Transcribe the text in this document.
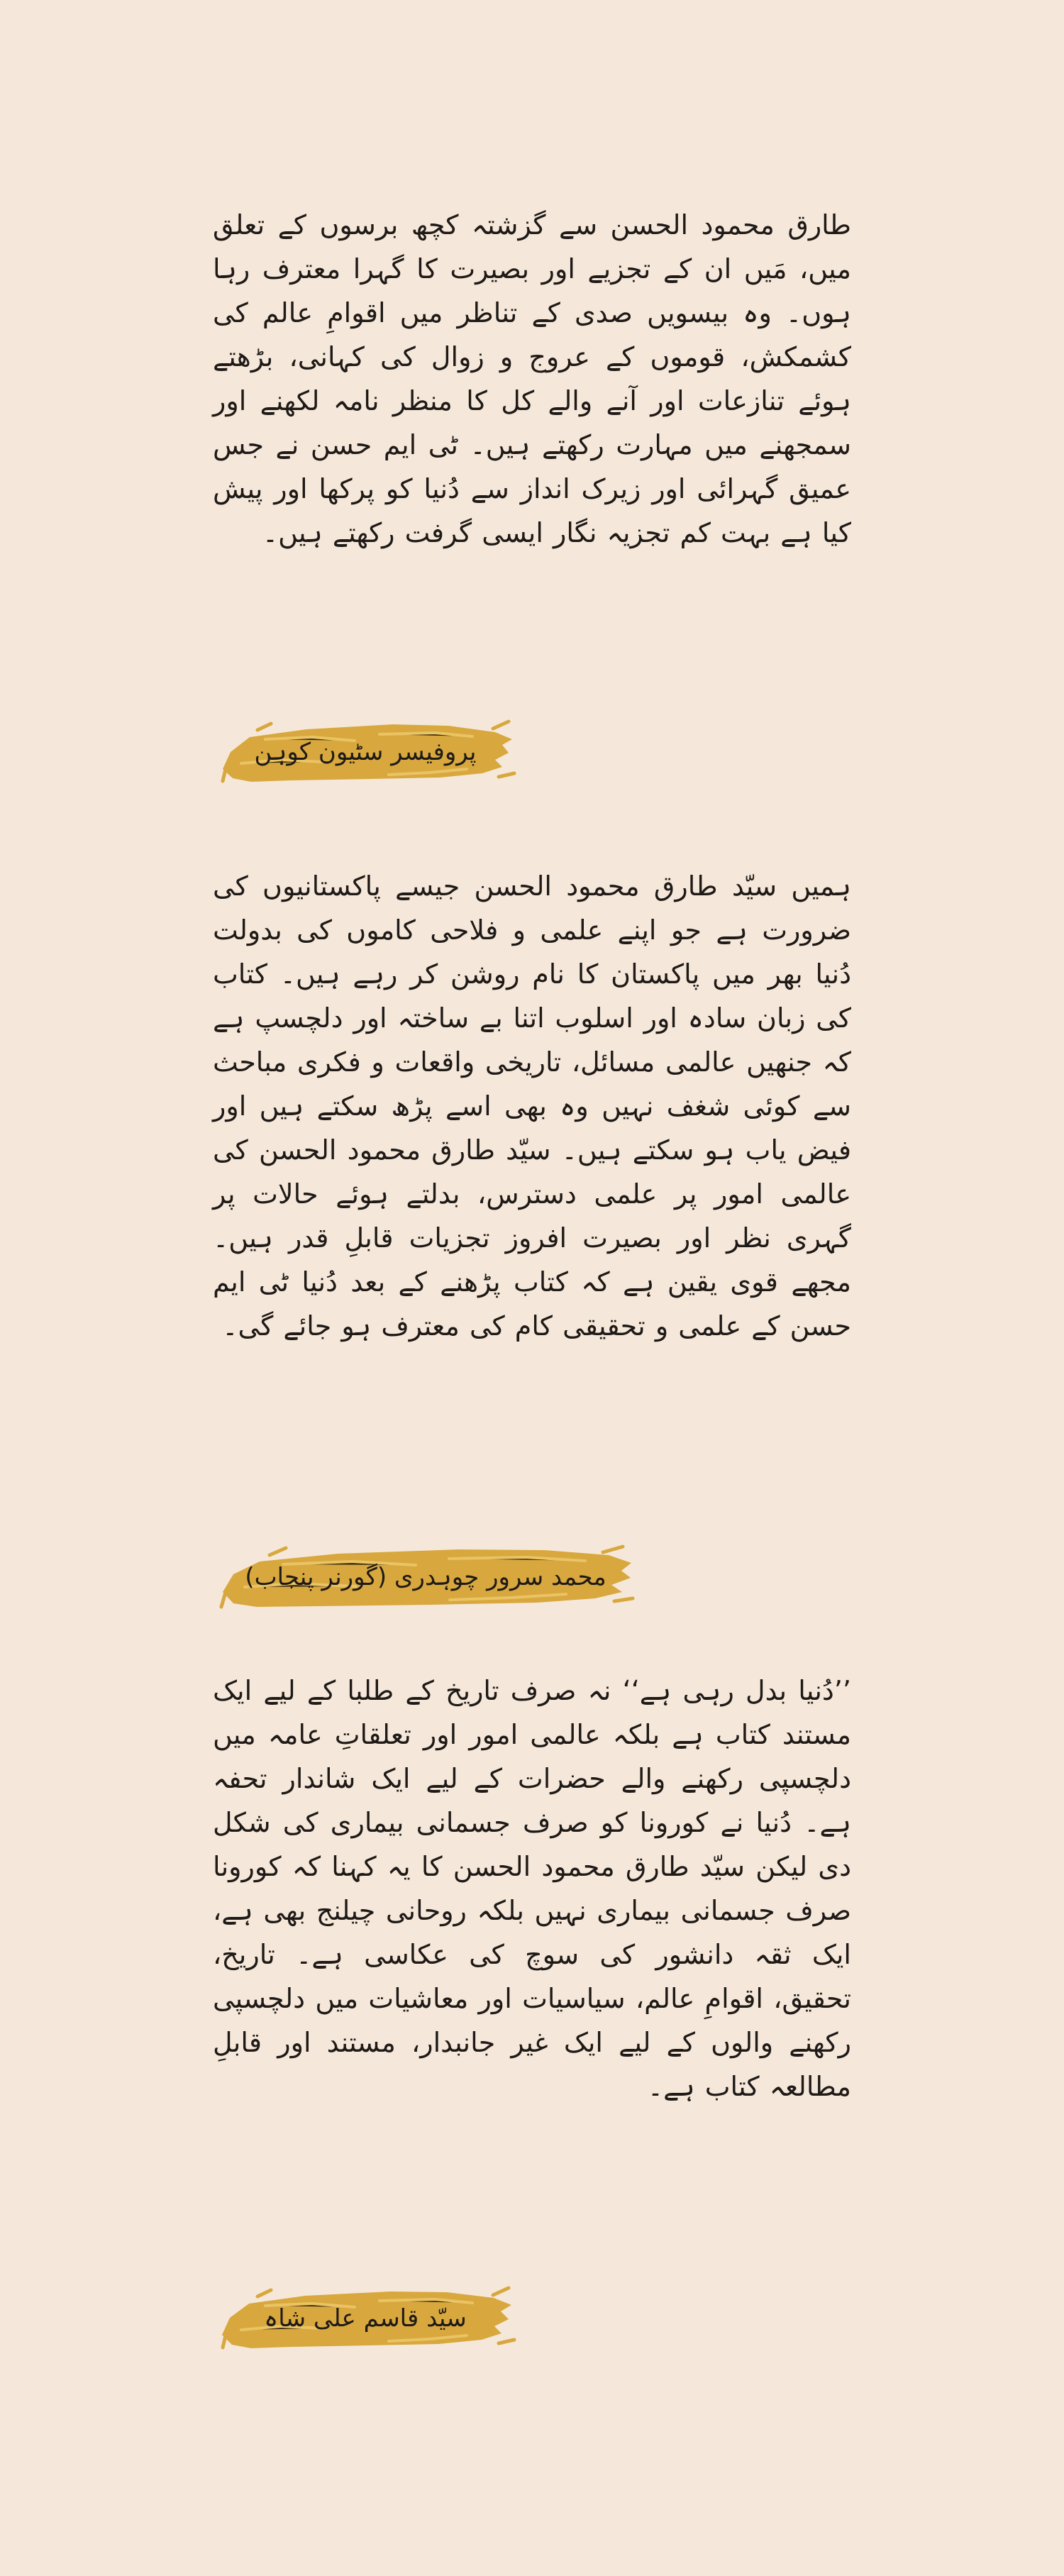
طارق محمود الحسن سے گزشتہ کچھ برسوں کے تعلق میں، مَیں ان کے تجزیے اور بصیرت کا گہرا معترف رہا ہوں۔ وہ بیسویں صدی کے تناظر میں اقوامِ عالم کی کشمکش، قوموں کے عروج و زوال کی کہانی، بڑھتے ہوئے تنازعات اور آنے والے کل کا منظر نامہ لکھنے اور سمجھنے میں مہارت رکھتے ہیں۔ ٹی ایم حسن نے جس عمیق گہرائی اور زیرک انداز سے دُنیا کو پرکھا اور پیش کیا ہے بہت کم تجزیہ نگار ایسی گرفت رکھتے ہیں۔
پروفیسر سٹیون کوہن
ہمیں سیّد طارق محمود الحسن جیسے پاکستانیوں کی ضرورت ہے جو اپنے علمی و فلاحی کاموں کی بدولت دُنیا بھر میں پاکستان کا نام روشن کر رہے ہیں۔ کتاب کی زبان سادہ اور اسلوب اتنا بے ساختہ اور دلچسپ ہے کہ جنھیں عالمی مسائل، تاریخی واقعات و فکری مباحث سے کوئی شغف نہیں وہ بھی اسے پڑھ سکتے ہیں اور فیض یاب ہو سکتے ہیں۔ سیّد طارق محمود الحسن کی عالمی امور پر علمی دسترس، بدلتے ہوئے حالات پر گہری نظر اور بصیرت افروز تجزیات قابلِ قدر ہیں۔ مجھے قوی یقین ہے کہ کتاب پڑھنے کے بعد دُنیا ٹی ایم حسن کے علمی و تحقیقی کام کی معترف ہو جائے گی۔
محمد سرور چوہدری (گورنر پنجاب)
’’دُنیا بدل رہی ہے‘‘ نہ صرف تاریخ کے طلبا کے لیے ایک مستند کتاب ہے بلکہ عالمی امور اور تعلقاتِ عامہ میں دلچسپی رکھنے والے حضرات کے لیے ایک شاندار تحفہ ہے۔ دُنیا نے کورونا کو صرف جسمانی بیماری کی شکل دی لیکن سیّد طارق محمود الحسن کا یہ کہنا کہ کورونا صرف جسمانی بیماری نہیں بلکہ روحانی چیلنج بھی ہے، ایک ثقہ دانشور کی سوچ کی عکاسی ہے۔ تاریخ، تحقیق، اقوامِ عالم، سیاسیات اور معاشیات میں دلچسپی رکھنے والوں کے لیے ایک غیر جانبدار، مستند اور قابلِ مطالعہ کتاب ہے۔
سیّد قاسم علی شاہ
